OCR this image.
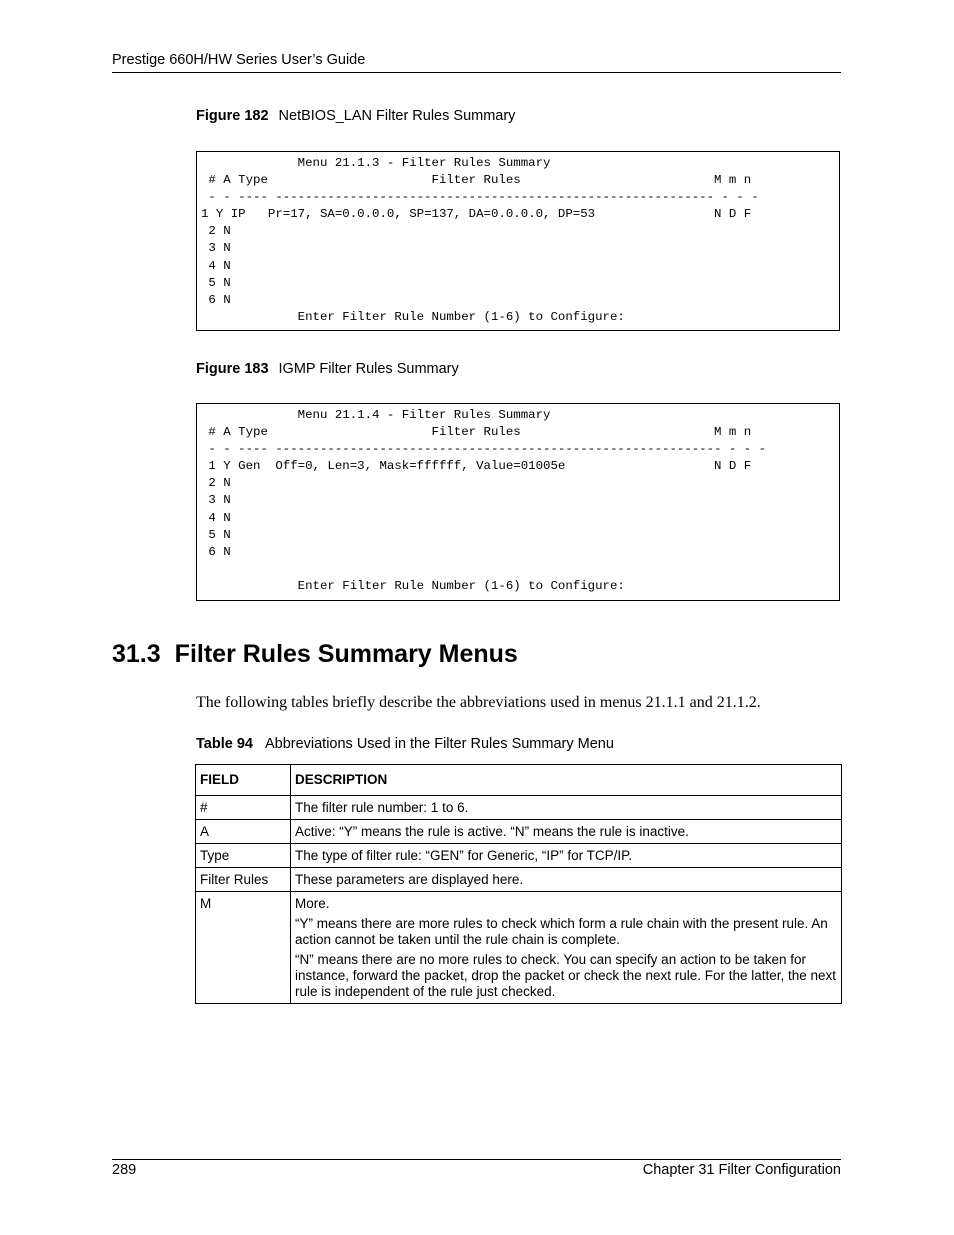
Prestige 660H/HW Series User’s Guide
Figure 182 NetBIOS_LAN Filter Rules Summary
Menu 21.1.3 - Filter Rules Summary
# A Type                      Filter Rules                          M m n
- - ---- ----------------------------------------------------------- - - -
1 Y IP   Pr=17, SA=0.0.0.0, SP=137, DA=0.0.0.0, DP=53                N D F
2 N
3 N
4 N
5 N
6 N
Enter Filter Rule Number (1-6) to Configure:
Figure 183 IGMP Filter Rules Summary
Menu 21.1.4 - Filter Rules Summary
# A Type                      Filter Rules                          M m n
- - ---- ------------------------------------------------------------ - - -
1 Y Gen  Off=0, Len=3, Mask=ffffff, Value=01005e                    N D F
2 N
3 N
4 N
5 N
6 N

Enter Filter Rule Number (1-6) to Configure:
31.3 Filter Rules Summary Menus
The following tables briefly describe the abbreviations used in menus 21.1.1 and 21.1.2.
Table 94 Abbreviations Used in the Filter Rules Summary Menu
FIELD	DESCRIPTION
#	The filter rule number: 1 to 6.
A	Active: “Y” means the rule is active. “N” means the rule is inactive.
Type	The type of filter rule: “GEN” for Generic, “IP” for TCP/IP.
Filter Rules	These parameters are displayed here.
M	More.

“Y” means there are more rules to check which form a rule chain with the present rule. An action cannot be taken until the rule chain is complete.

“N” means there are no more rules to check. You can specify an action to be taken for instance, forward the packet, drop the packet or check the next rule. For the latter, the next rule is independent of the rule just checked.

289	Chapter 31 Filter Configuration
